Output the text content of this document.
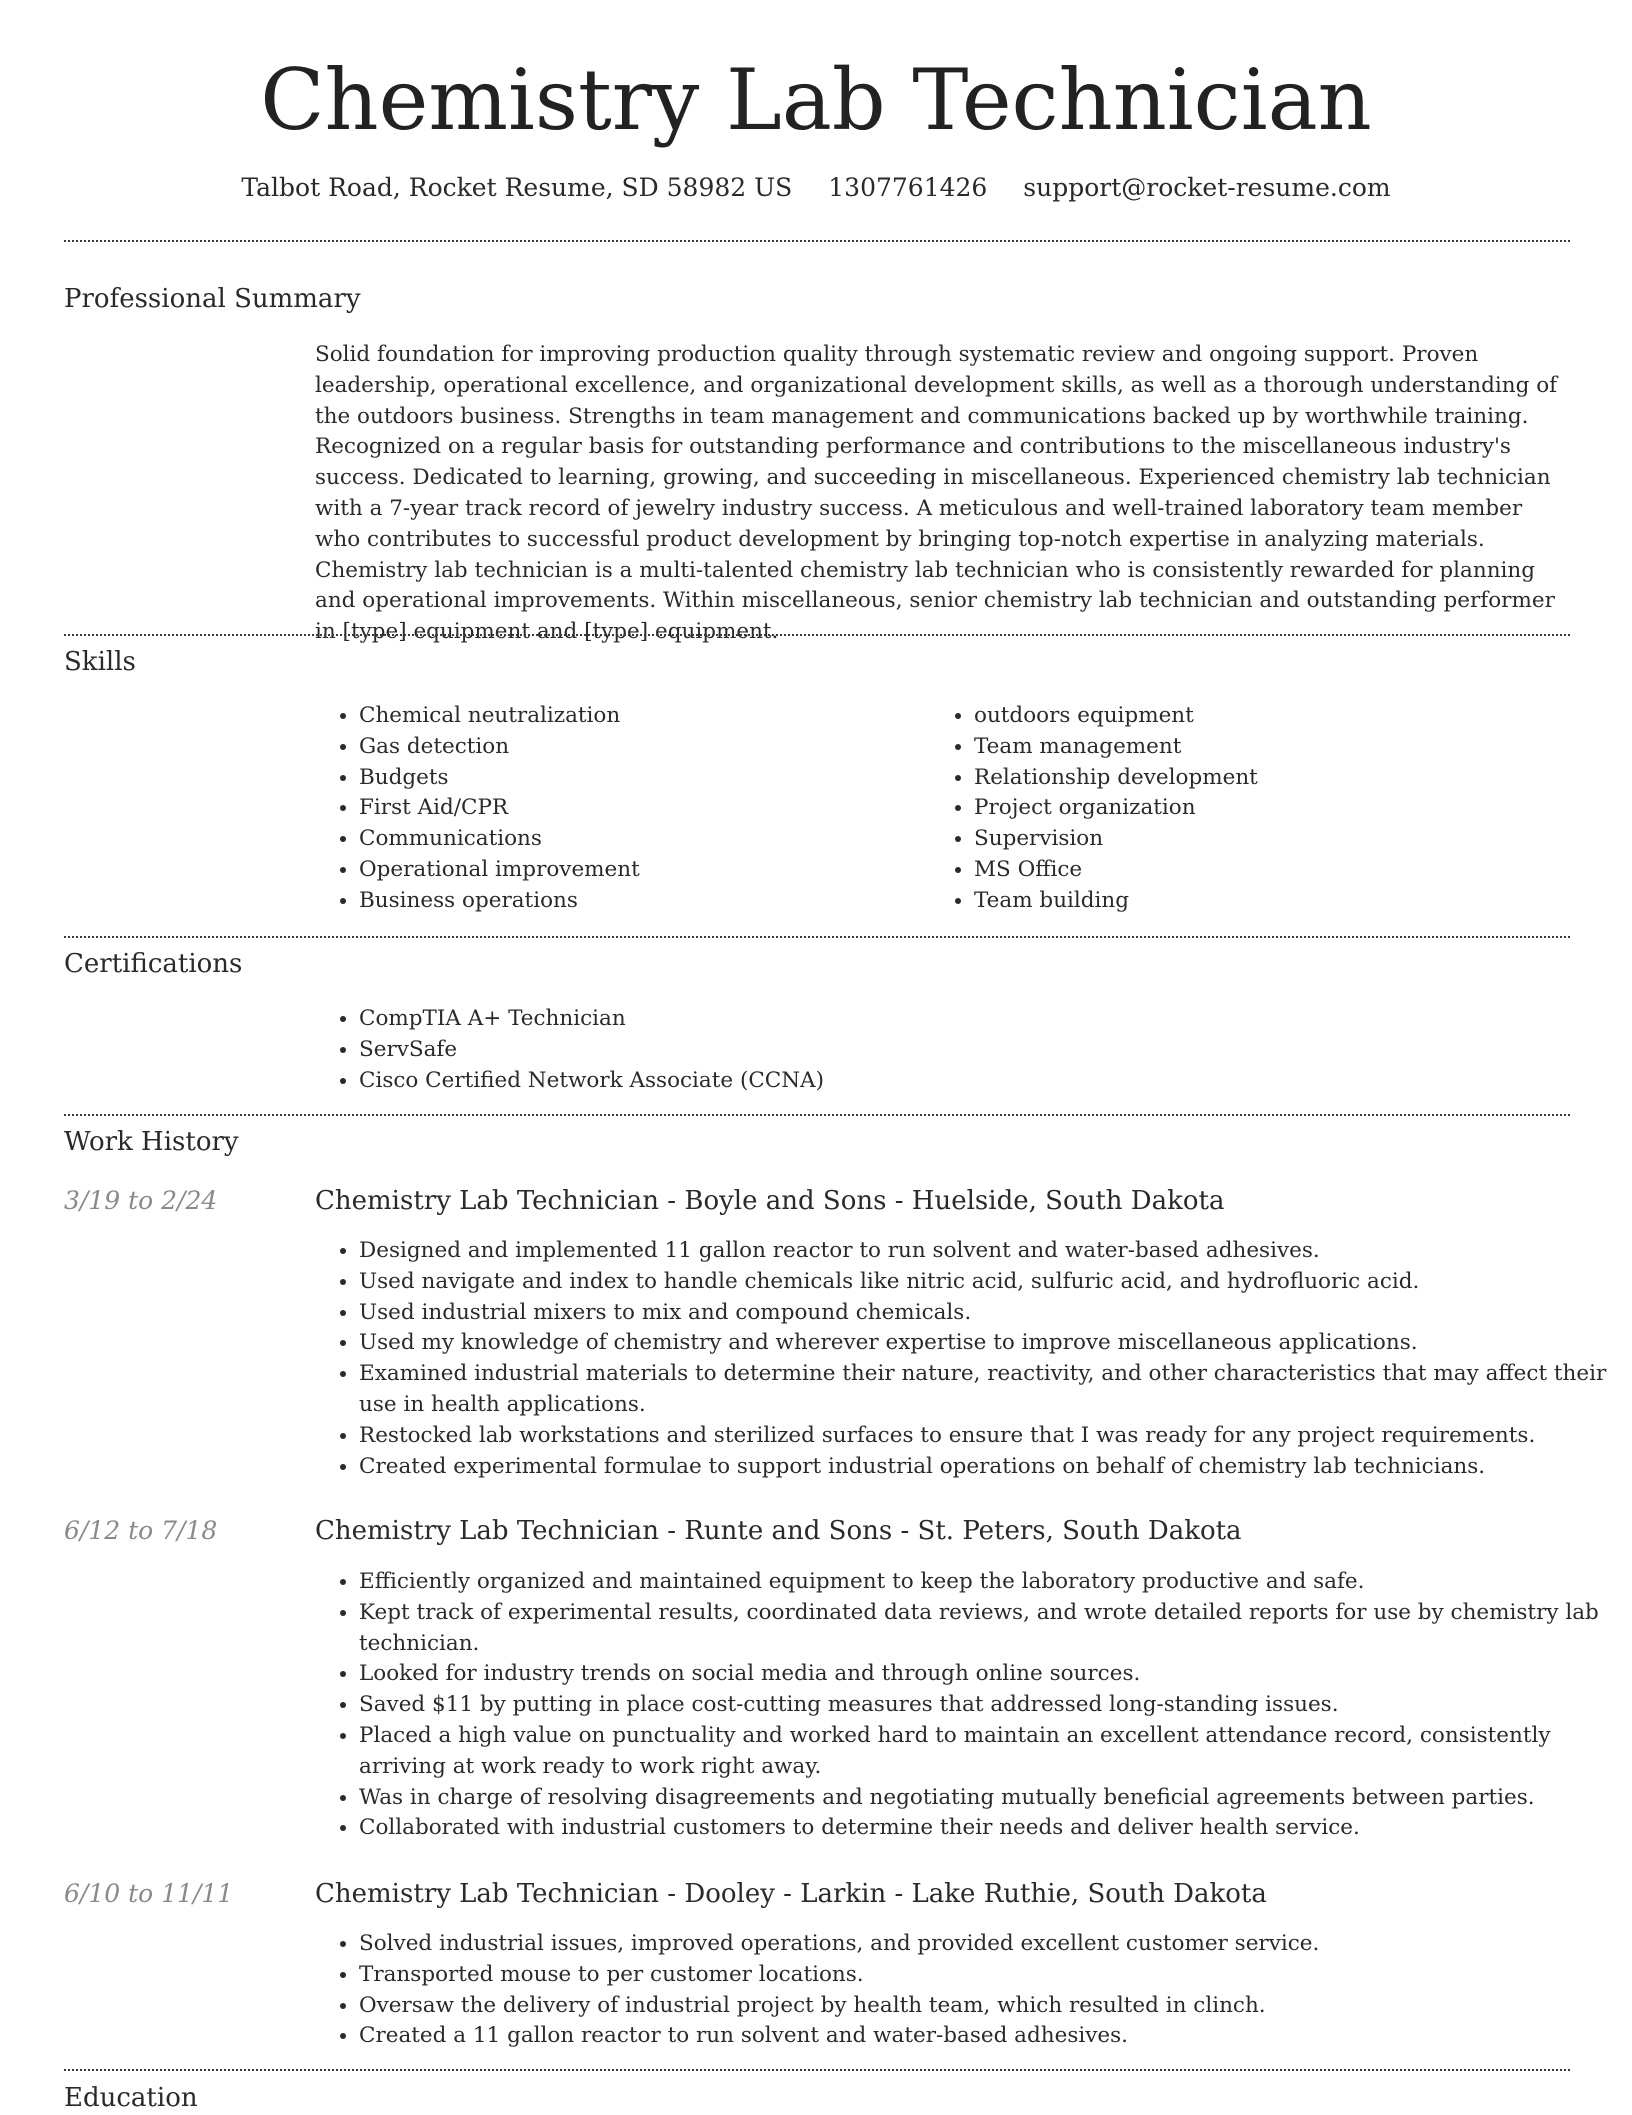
Chemistry Lab Technician
Talbot Road, Rocket Resume, SD 58982 US 1307761426 support@rocket-resume.com
Professional Summary

Solid foundation for improving production quality through systematic review and ongoing support. Proven leadership, operational excellence, and organizational development skills, as well as a thorough understanding of the outdoors business. Strengths in team management and communications backed up by worthwhile training. Recognized on a regular basis for outstanding performance and contributions to the miscellaneous industry's success. Dedicated to learning, growing, and succeeding in miscellaneous. Experienced chemistry lab technician with a 7-year track record of jewelry industry success. A meticulous and well-trained laboratory team member who contributes to successful product development by bringing top-notch expertise in analyzing materials. Chemistry lab technician is a multi-talented chemistry lab technician who is consistently rewarded for planning and operational improvements. Within miscellaneous, senior chemistry lab technician and outstanding performer in [type] equipment and [type] equipment.

Skills
• Chemical neutralization
• Gas detection
• Budgets
• First Aid/CPR
• Communications
• Operational improvement
• Business operations
• outdoors equipment
• Team management
• Relationship development
• Project organization
• Supervision
• MS Office
• Team building
Certifications
• CompTIA A+ Technician
• ServSafe
• Cisco Certified Network Associate (CCNA)
Work History
3/19 to 2/24	Chemistry Lab Technician - Boyle and Sons - Huelside, South Dakota
• Designed and implemented 11 gallon reactor to run solvent and water-based adhesives.
• Used navigate and index to handle chemicals like nitric acid, sulfuric acid, and hydrofluoric acid.
• Used industrial mixers to mix and compound chemicals.
• Used my knowledge of chemistry and wherever expertise to improve miscellaneous applications.
• Examined industrial materials to determine their nature, reactivity, and other characteristics that may affect their use in health applications.
• Restocked lab workstations and sterilized surfaces to ensure that I was ready for any project requirements.
• Created experimental formulae to support industrial operations on behalf of chemistry lab technicians.
6/12 to 7/18	Chemistry Lab Technician - Runte and Sons - St. Peters, South Dakota
• Efficiently organized and maintained equipment to keep the laboratory productive and safe.
• Kept track of experimental results, coordinated data reviews, and wrote detailed reports for use by chemistry lab technician.
• Looked for industry trends on social media and through online sources.
• Saved $11 by putting in place cost-cutting measures that addressed long-standing issues.
• Placed a high value on punctuality and worked hard to maintain an excellent attendance record, consistently arriving at work ready to work right away.
• Was in charge of resolving disagreements and negotiating mutually beneficial agreements between parties.
• Collaborated with industrial customers to determine their needs and deliver health service.
6/10 to 11/11	Chemistry Lab Technician - Dooley - Larkin - Lake Ruthie, South Dakota
• Solved industrial issues, improved operations, and provided excellent customer service.
• Transported mouse to per customer locations.
• Oversaw the delivery of industrial project by health team, which resulted in clinch.
• Created a 11 gallon reactor to run solvent and water-based adhesives.
Education
